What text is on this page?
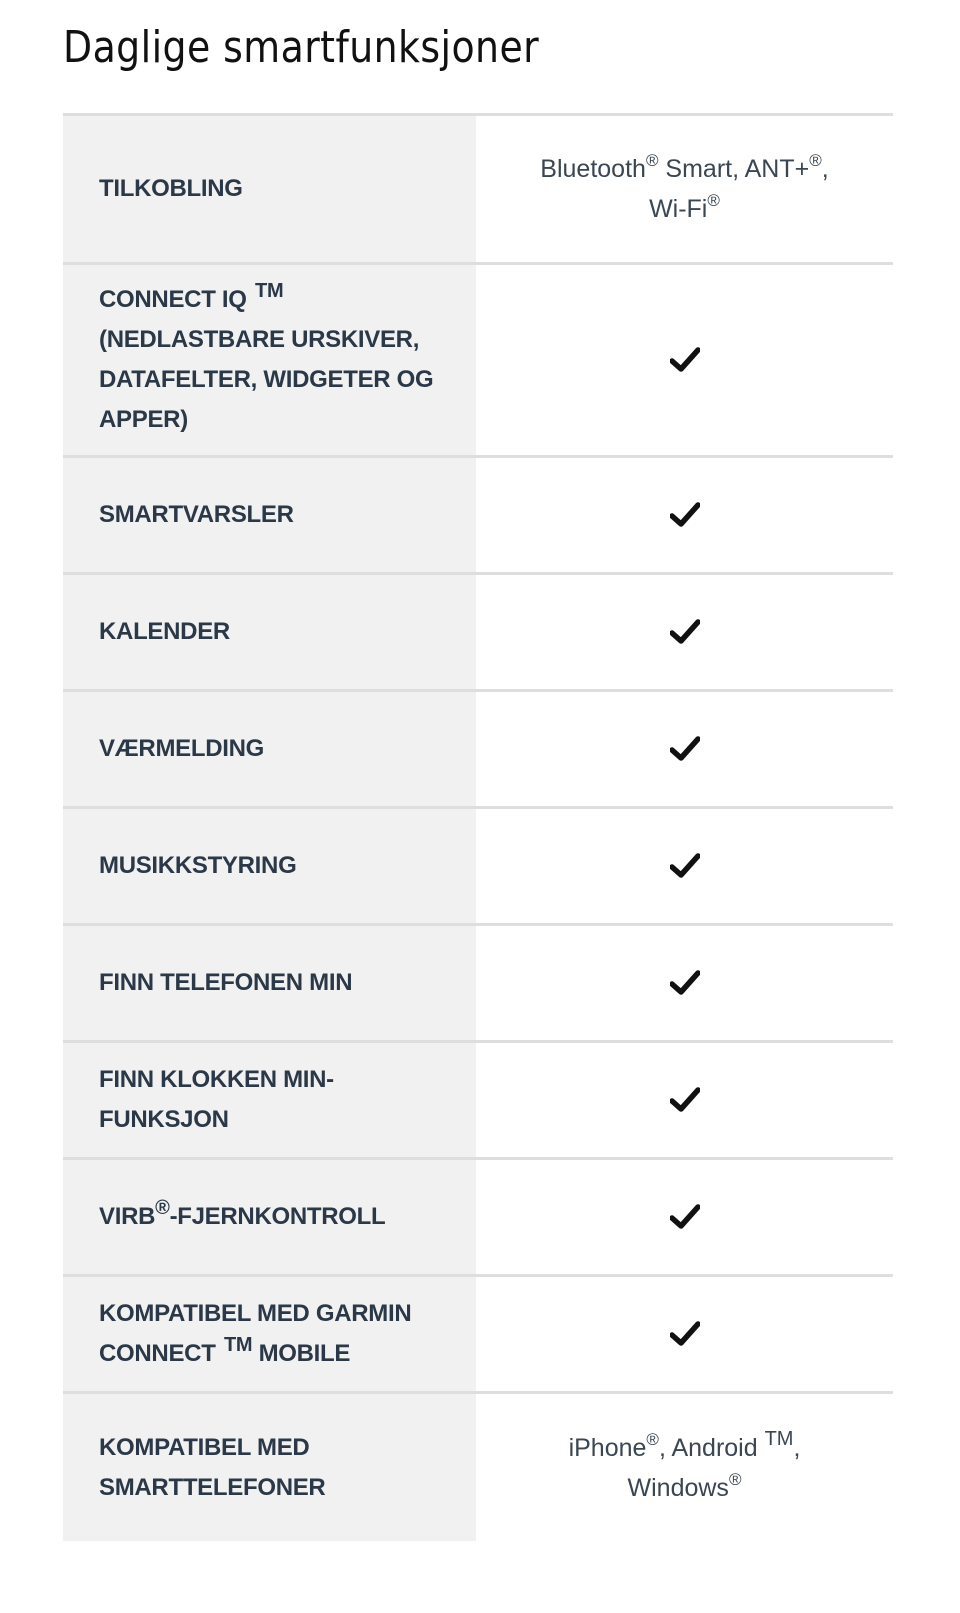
Daglige smartfunksjoner
TILKOBLING
Bluetooth® Smart, ANT+®,
Wi-Fi®
CONNECT IQ ™ (NEDLASTBARE URSKIVER, DATAFELTER, WIDGETER OG APPER)
SMARTVARSLER
KALENDER
VÆRMELDING
MUSIKKSTYRING
FINN TELEFONEN MIN
FINN KLOKKEN MIN-FUNKSJON
VIRB®-FJERNKONTROLL
KOMPATIBEL MED GARMIN CONNECT ™ MOBILE
KOMPATIBEL MED SMARTTELEFONER
iPhone®, Android ™,
Windows®
